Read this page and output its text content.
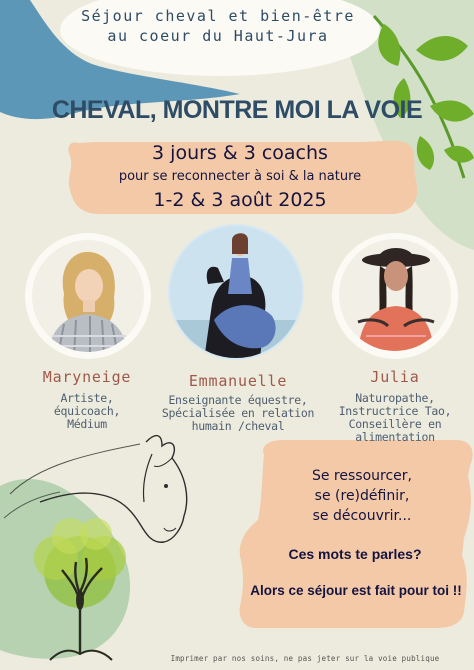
Séjour cheval et bien-être
au coeur du Haut-Jura
CHEVAL, MONTRE MOI LA VOIE
3 jours & 3 coachs
pour se reconnecter à soi & la nature
1-2 & 3 août 2025
Maryneige
Artiste,
équicoach,
Médium
Emmanuelle
Enseignante équestre,
Spécialisée en relation
humain /cheval
Julia
Naturopathe,
Instructrice Tao,
Conseillère en
alimentation
Se ressourcer,
se (re)définir,
se découvrir...
Ces mots te parles?
Alors ce séjour est fait pour toi !!
Imprimer par nos soins, ne pas jeter sur la voie publique
